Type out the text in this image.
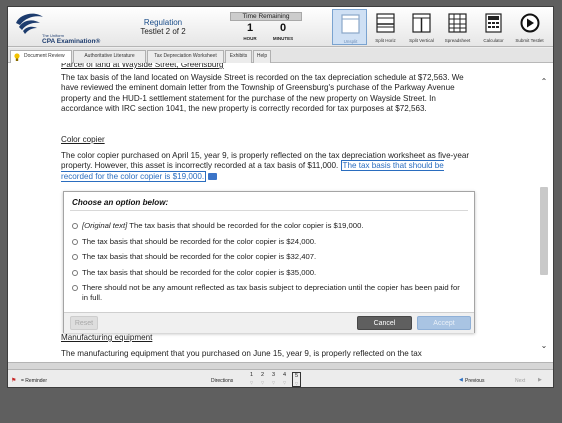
The Uniform
CPA Examination®
Regulation
Testlet 2 of 2
Time Remaining
1	0
HOUR	MINUTES
Unsplit	Split Horiz	Split Vertical	Spreadsheet	Calculator	Submit Testlet
Document Review	Authoritative Literature	Tax Depreciation Worksheet	Exhibits	Help

Parcel of land at Wayside Street, Greensburg

The tax basis of the land located on Wayside Street is recorded on the tax depreciation schedule at $72,563. We have reviewed the eminent domain letter from the Township of Greensburg's purchase of the Parkway Avenue property and the HUD-1 settlement statement for the purchase of the new property on Wayside Street. In accordance with IRC section 1041, the new property is correctly recorded for tax purposes at $72,563.

Color copier

The color copier purchased on April 15, year 9, is properly reflected on the tax depreciation worksheet as five-year property. However, this asset is incorrectly recorded at a tax basis of $11,000. The tax basis that should be recorded for the color copier is $19,000.

Manufacturing equipment

The manufacturing equipment that you purchased on June 15, year 9, is properly reflected on the tax

⌃
⌄
Choose an option below:
[Original text] The tax basis that should be recorded for the color copier is $19,000.
The tax basis that should be recorded for the color copier is $24,000.
The tax basis that should be recorded for the color copier is $32,407.
The tax basis that should be recorded for the color copier is $35,000.
There should not be any amount reflected as tax basis subject to depreciation until the copier has been paid for in full.
Reset	Cancel	Accept
⚑ = Reminder	Directions
1
▽
2
▽
3
▽
4
▽
5
▽
◀ Previous	Next	▶
